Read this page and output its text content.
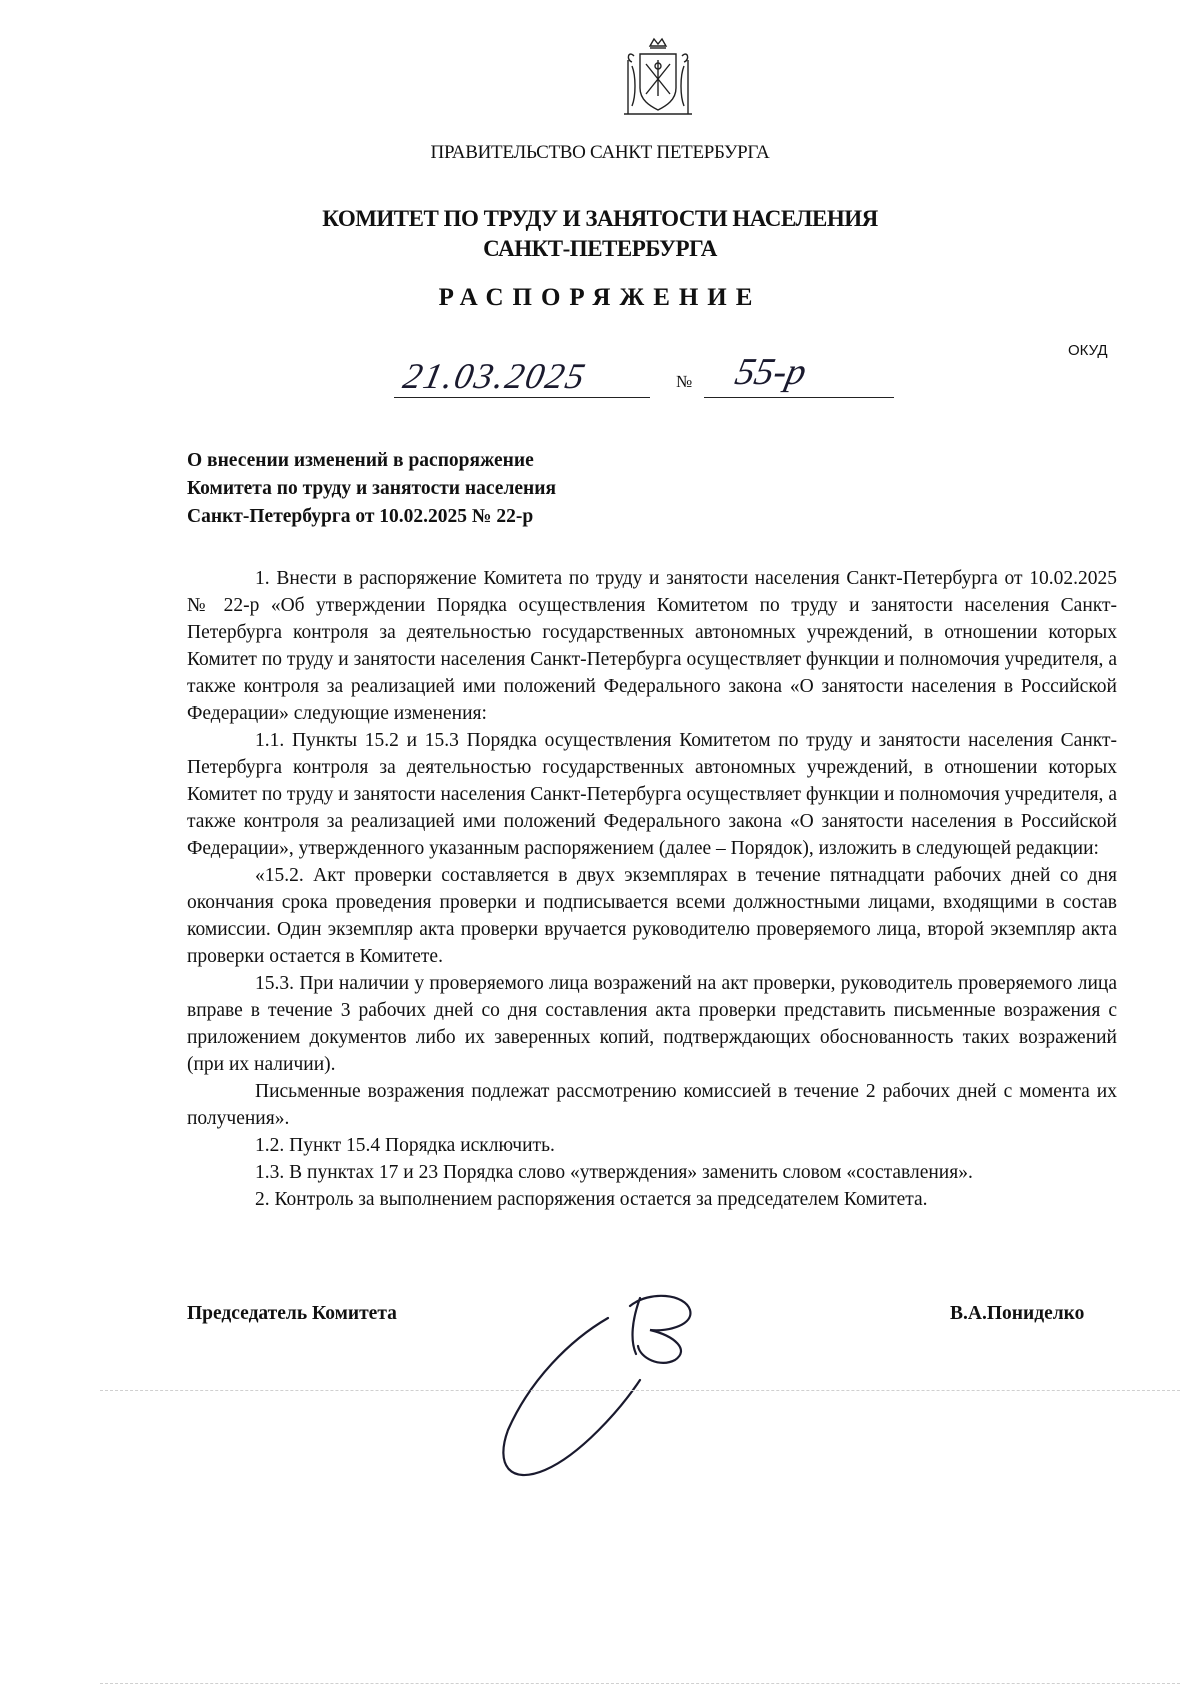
ПРАВИТЕЛЬСТВО САНКТ ПЕТЕРБУРГА
КОМИТЕТ ПО ТРУДУ И ЗАНЯТОСТИ НАСЕЛЕНИЯ
САНКТ-ПЕТЕРБУРГА
РАСПОРЯЖЕНИЕ
ОКУД
21.03.2025	№ 55-р
О внесении изменений в распоряжение
Комитета по труду и занятости населения
Санкт-Петербурга от 10.02.2025 № 22-р

1. Внести в распоряжение Комитета по труду и занятости населения Санкт-Петербурга от 10.02.2025 № 22-р «Об утверждении Порядка осуществления Комитетом по труду и занятости населения Санкт-Петербурга контроля за деятельностью государственных автономных учреждений, в отношении которых Комитет по труду и занятости населения Санкт-Петербурга осуществляет функции и полномочия учредителя, а также контроля за реализацией ими положений Федерального закона «О занятости населения в Российской Федерации» следующие изменения:

1.1. Пункты 15.2 и 15.3 Порядка осуществления Комитетом по труду и занятости населения Санкт-Петербурга контроля за деятельностью государственных автономных учреждений, в отношении которых Комитет по труду и занятости населения Санкт-Петербурга осуществляет функции и полномочия учредителя, а также контроля за реализацией ими положений Федерального закона «О занятости населения в Российской Федерации», утвержденного указанным распоряжением (далее – Порядок), изложить в следующей редакции:

«15.2. Акт проверки составляется в двух экземплярах в течение пятнадцати рабочих дней со дня окончания срока проведения проверки и подписывается всеми должностными лицами, входящими в состав комиссии. Один экземпляр акта проверки вручается руководителю проверяемого лица, второй экземпляр акта проверки остается в Комитете.

15.3. При наличии у проверяемого лица возражений на акт проверки, руководитель проверяемого лица вправе в течение 3 рабочих дней со дня составления акта проверки представить письменные возражения с приложением документов либо их заверенных копий, подтверждающих обоснованность таких возражений (при их наличии).

Письменные возражения подлежат рассмотрению комиссией в течение 2 рабочих дней с момента их получения».

1.2. Пункт 15.4 Порядка исключить.

1.3. В пунктах 17 и 23 Порядка слово «утверждения» заменить словом «составления».

2. Контроль за выполнением распоряжения остается за председателем Комитета.

Председатель Комитета	В.А.Пониделко
